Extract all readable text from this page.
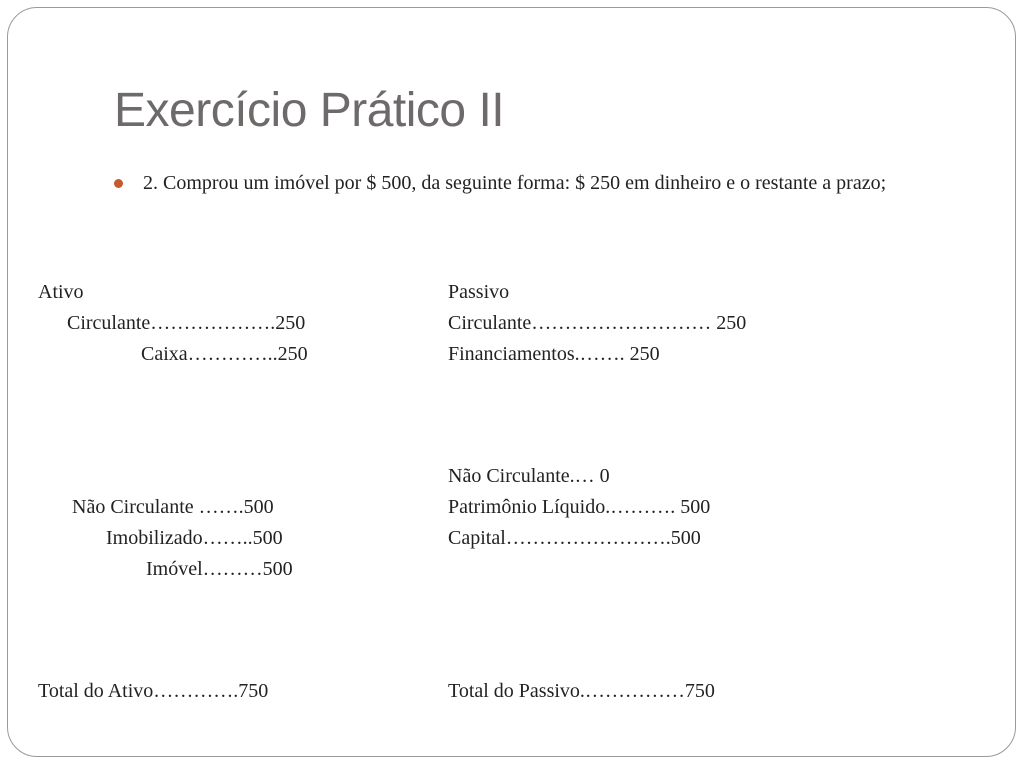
Exercício Prático II

2. Comprou um imóvel por $ 500, da seguinte forma: $ 250 em dinheiro e o restante a prazo;

Ativo
Circulante……………….250
Caixa…………..250
Não Circulante …….500
Imobilizado……..500
Imóvel………500
Total do Ativo………….750
Passivo
Circulante……………………… 250
Financiamentos.……. 250
Não Circulante.… 0
Patrimônio Líquido.………. 500
Capital…………………….500
Total do Passivo.……………750
